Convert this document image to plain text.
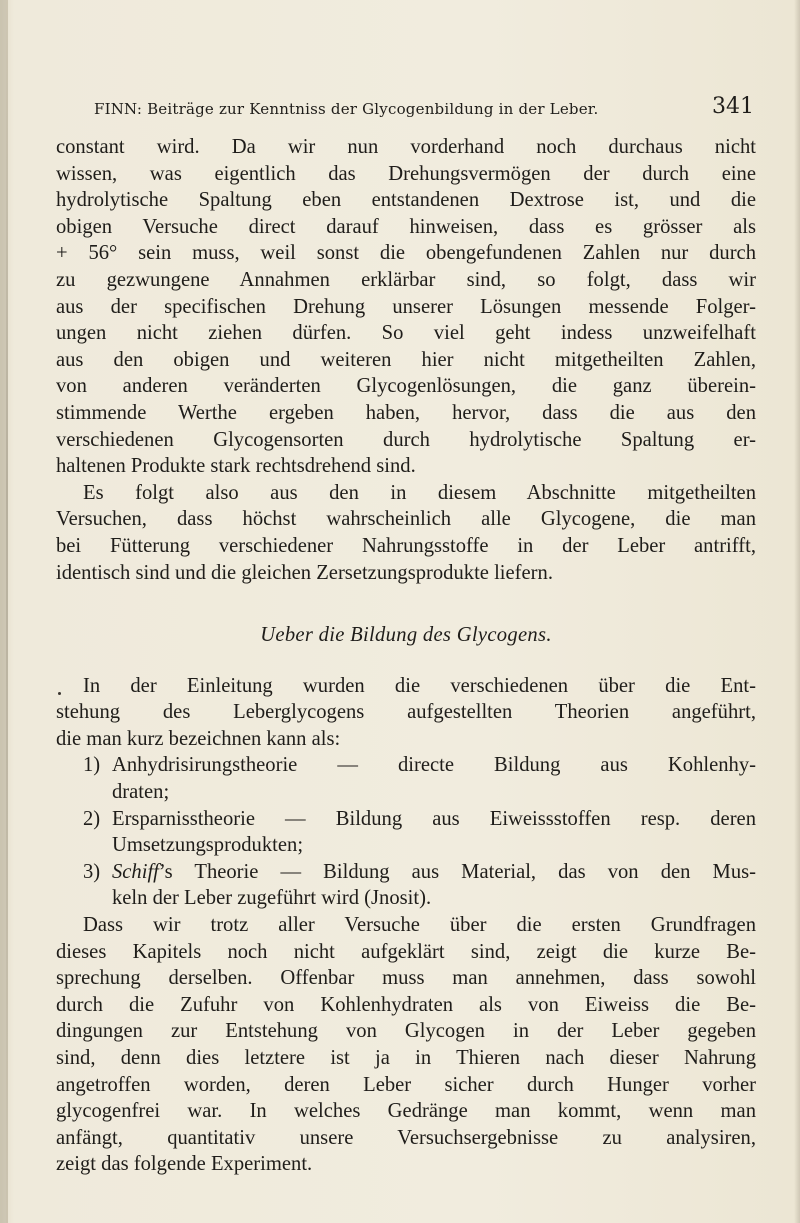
FINN: Beiträge zur Kenntniss der Glycogenbildung in der Leber.	341

constant wird. Da wir nun vorderhand noch durchaus nicht
wissen, was eigentlich das Drehungsvermögen der durch eine
hydrolytische Spaltung eben entstandenen Dextrose ist, und die
obigen Versuche direct darauf hinweisen, dass es grösser als
+ 56° sein muss, weil sonst die obengefundenen Zahlen nur durch
zu gezwungene Annahmen erklärbar sind, so folgt, dass wir
aus der specifischen Drehung unserer Lösungen messende Folger-
ungen nicht ziehen dürfen. So viel geht indess unzweifelhaft
aus den obigen und weiteren hier nicht mitgetheilten Zahlen,
von anderen veränderten Glycogenlösungen, die ganz überein-
stimmende Werthe ergeben haben, hervor, dass die aus den
verschiedenen Glycogensorten durch hydrolytische Spaltung er-
haltenen Produkte stark rechtsdrehend sind.

Es folgt also aus den in diesem Abschnitte mitgetheilten
Versuchen, dass höchst wahrscheinlich alle Glycogene, die man
bei Fütterung verschiedener Nahrungsstoffe in der Leber antrifft,
identisch sind und die gleichen Zersetzungsprodukte liefern.

Ueber die Bildung des Glycogens.

In der Einleitung wurden die verschiedenen über die Ent-
stehung des Leberglycogens aufgestellten Theorien angeführt,
die man kurz bezeichnen kann als:

1) Anhydrisirungstheorie — directe Bildung aus Kohlenhy-
draten;
2) Ersparnisstheorie — Bildung aus Eiweissstoffen resp. deren
Umsetzungsprodukten;
3) Schiff’s Theorie — Bildung aus Material, das von den Mus-
keln der Leber zugeführt wird (Jnosit).

Dass wir trotz aller Versuche über die ersten Grundfragen
dieses Kapitels noch nicht aufgeklärt sind, zeigt die kurze Be-
sprechung derselben. Offenbar muss man annehmen, dass sowohl
durch die Zufuhr von Kohlenhydraten als von Eiweiss die Be-
dingungen zur Entstehung von Glycogen in der Leber gegeben
sind, denn dies letztere ist ja in Thieren nach dieser Nahrung
angetroffen worden, deren Leber sicher durch Hunger vorher
glycogenfrei war. In welches Gedränge man kommt, wenn man
anfängt, quantitativ unsere Versuchsergebnisse zu analysiren,
zeigt das folgende Experiment.
